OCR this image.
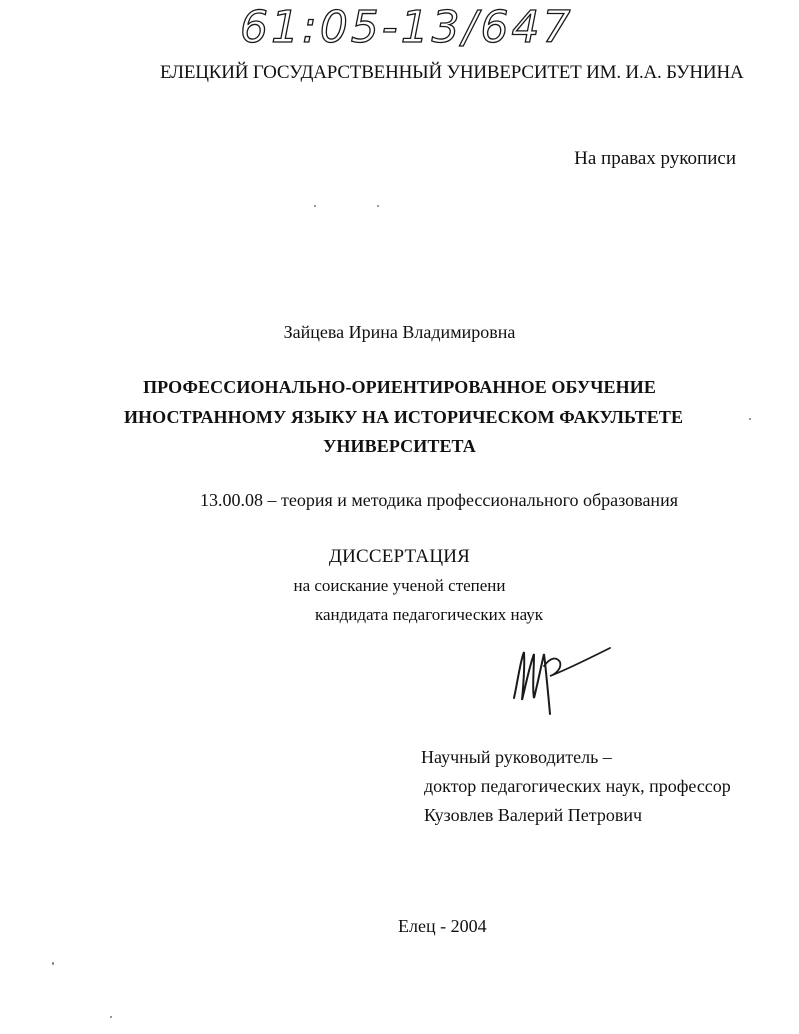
61:05-13/647
ЕЛЕЦКИЙ ГОСУДАРСТВЕННЫЙ УНИВЕРСИТЕТ ИМ. И.А. БУНИНА
На правах рукописи
Зайцева Ирина Владимировна
ПРОФЕССИОНАЛЬНО-ОРИЕНТИРОВАННОЕ ОБУЧЕНИЕ
ИНОСТРАННОМУ ЯЗЫКУ НА ИСТОРИЧЕСКОМ ФАКУЛЬТЕТЕ
УНИВЕРСИТЕТА
13.00.08 – теория и методика профессионального образования
ДИССЕРТАЦИЯ
на соискание ученой степени
кандидата педагогических наук
Научный руководитель –
доктор педагогических наук, профессор
Кузовлев Валерий Петрович
Елец - 2004
